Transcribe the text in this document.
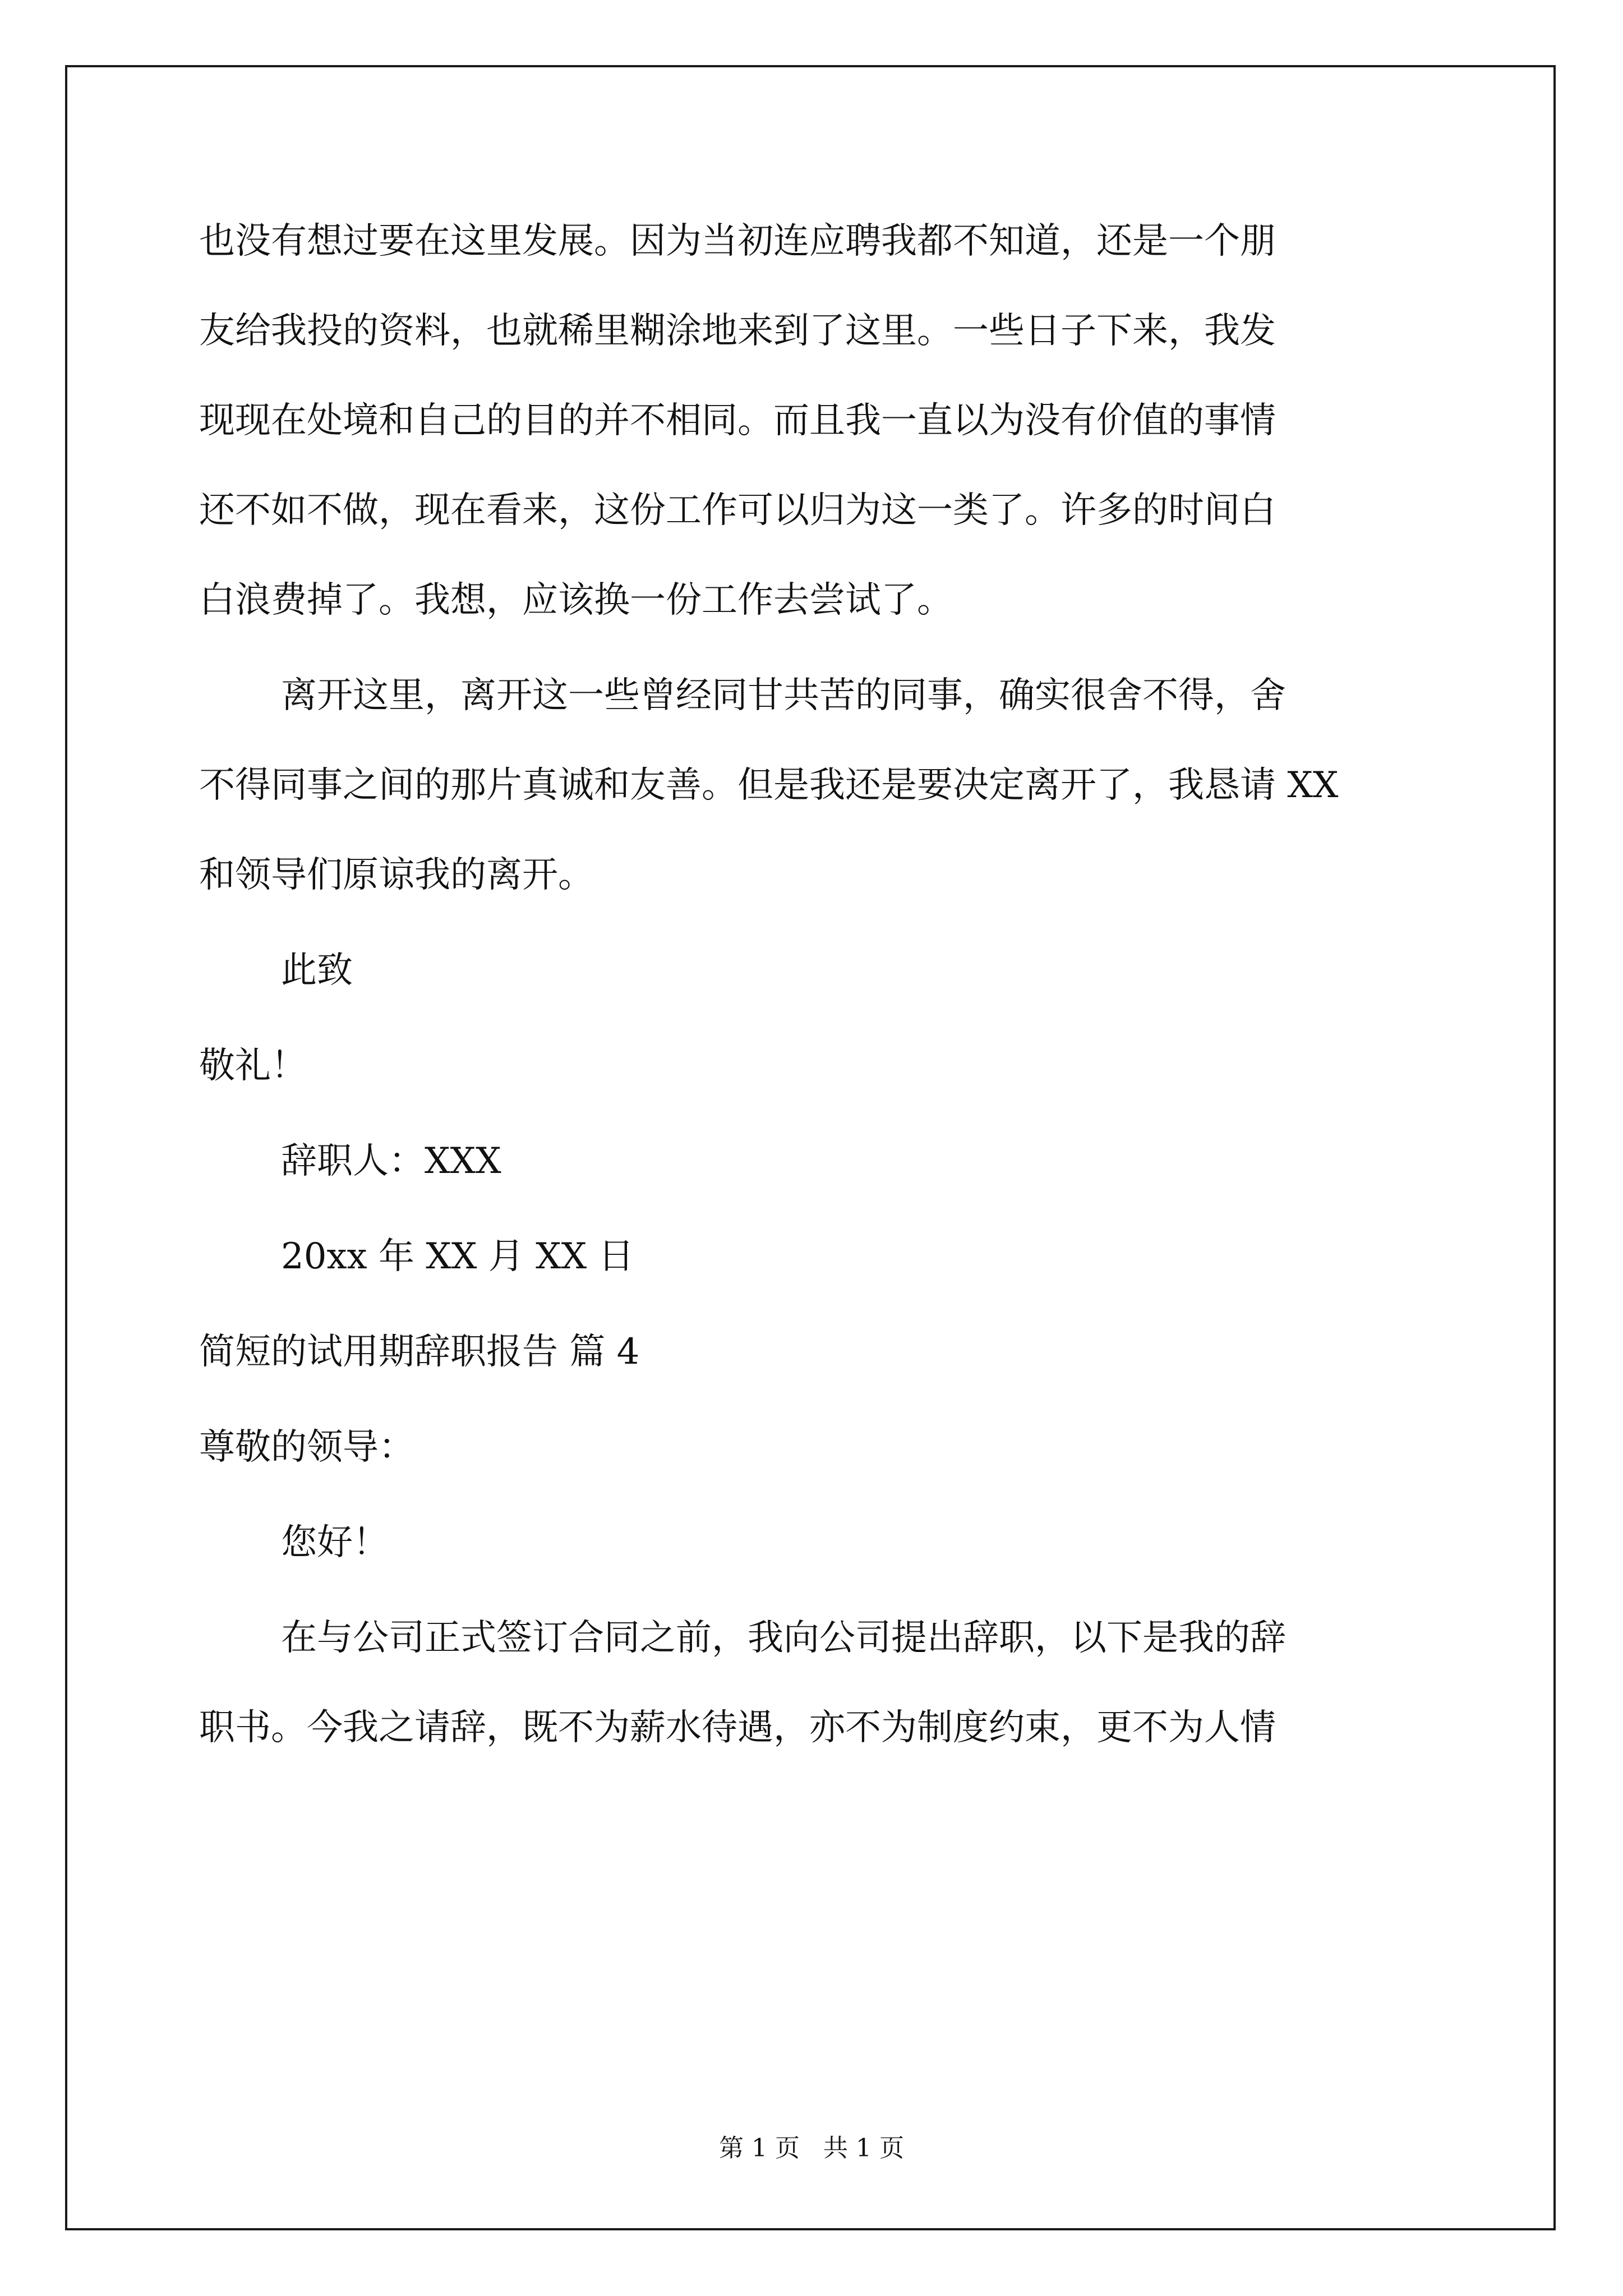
也没有想过要在这里发展。因为当初连应聘我都不知道，还是一个朋
友给我投的资料，也就稀里糊涂地来到了这里。一些日子下来，我发
现现在处境和自己的目的并不相同。而且我一直以为没有价值的事情
还不如不做，现在看来，这份工作可以归为这一类了。许多的时间白
白浪费掉了。我想，应该换一份工作去尝试了。
离开这里，离开这一些曾经同甘共苦的同事，确实很舍不得，舍
不得同事之间的那片真诚和友善。但是我还是要决定离开了，我恳请 XX
和领导们原谅我的离开。
此致
敬礼！
辞职人：XXX
20xx 年 XX 月 XX 日
简短的试用期辞职报告 篇 4
尊敬的领导：
您好！
在与公司正式签订合同之前，我向公司提出辞职，以下是我的辞
职书。今我之请辞，既不为薪水待遇，亦不为制度约束，更不为人情
第 1 页   共 1 页
